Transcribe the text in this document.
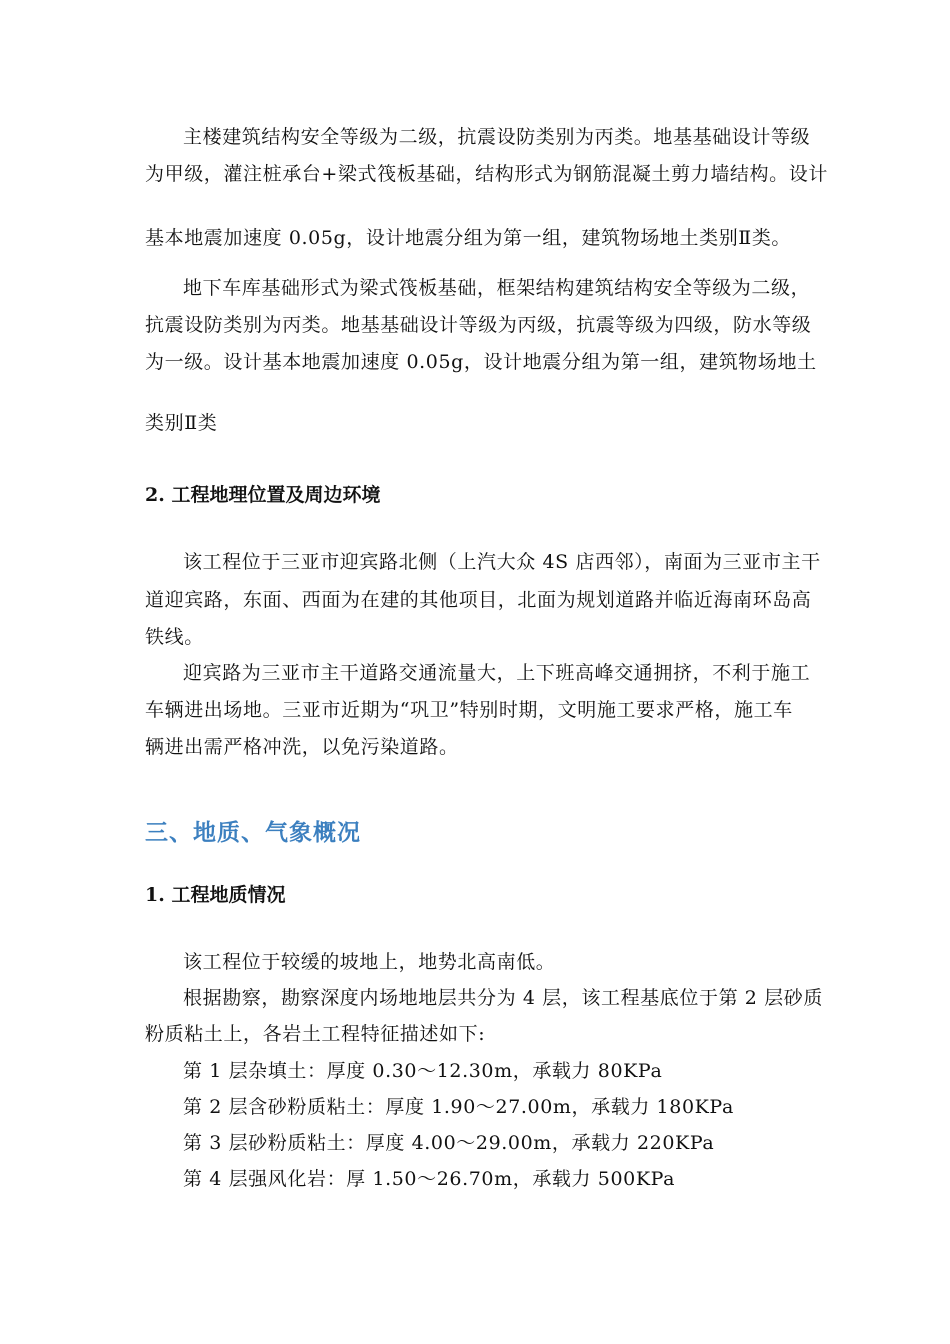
主楼建筑结构安全等级为二级，抗震设防类别为丙类。地基基础设计等级
为甲级，灌注桩承台+梁式筏板基础，结构形式为钢筋混凝土剪力墙结构。设计
基本地震加速度 0.05g，设计地震分组为第一组，建筑物场地土类别Ⅱ类。
地下车库基础形式为梁式筏板基础，框架结构建筑结构安全等级为二级，
抗震设防类别为丙类。地基基础设计等级为丙级，抗震等级为四级，防水等级
为一级。设计基本地震加速度 0.05g，设计地震分组为第一组，建筑物场地土
类别Ⅱ类
2. 工程地理位置及周边环境
该工程位于三亚市迎宾路北侧（上汽大众 4S 店西邻），南面为三亚市主干
道迎宾路，东面、西面为在建的其他项目，北面为规划道路并临近海南环岛高
铁线。
迎宾路为三亚市主干道路交通流量大，上下班高峰交通拥挤，不利于施工
车辆进出场地。三亚市近期为“巩卫”特别时期，文明施工要求严格，施工车
辆进出需严格冲洗，以免污染道路。
三、地质、气象概况
1. 工程地质情况
该工程位于较缓的坡地上，地势北高南低。
根据勘察，勘察深度内场地地层共分为 4 层，该工程基底位于第 2 层砂质
粉质粘土上，各岩土工程特征描述如下:
第 1 层杂填土：厚度 0.30～12.30m，承载力 80KPa
第 2 层含砂粉质粘土：厚度 1.90～27.00m，承载力 180KPa
第 3 层砂粉质粘土：厚度 4.00～29.00m，承载力 220KPa
第 4 层强风化岩：厚 1.50～26.70m，承载力 500KPa
